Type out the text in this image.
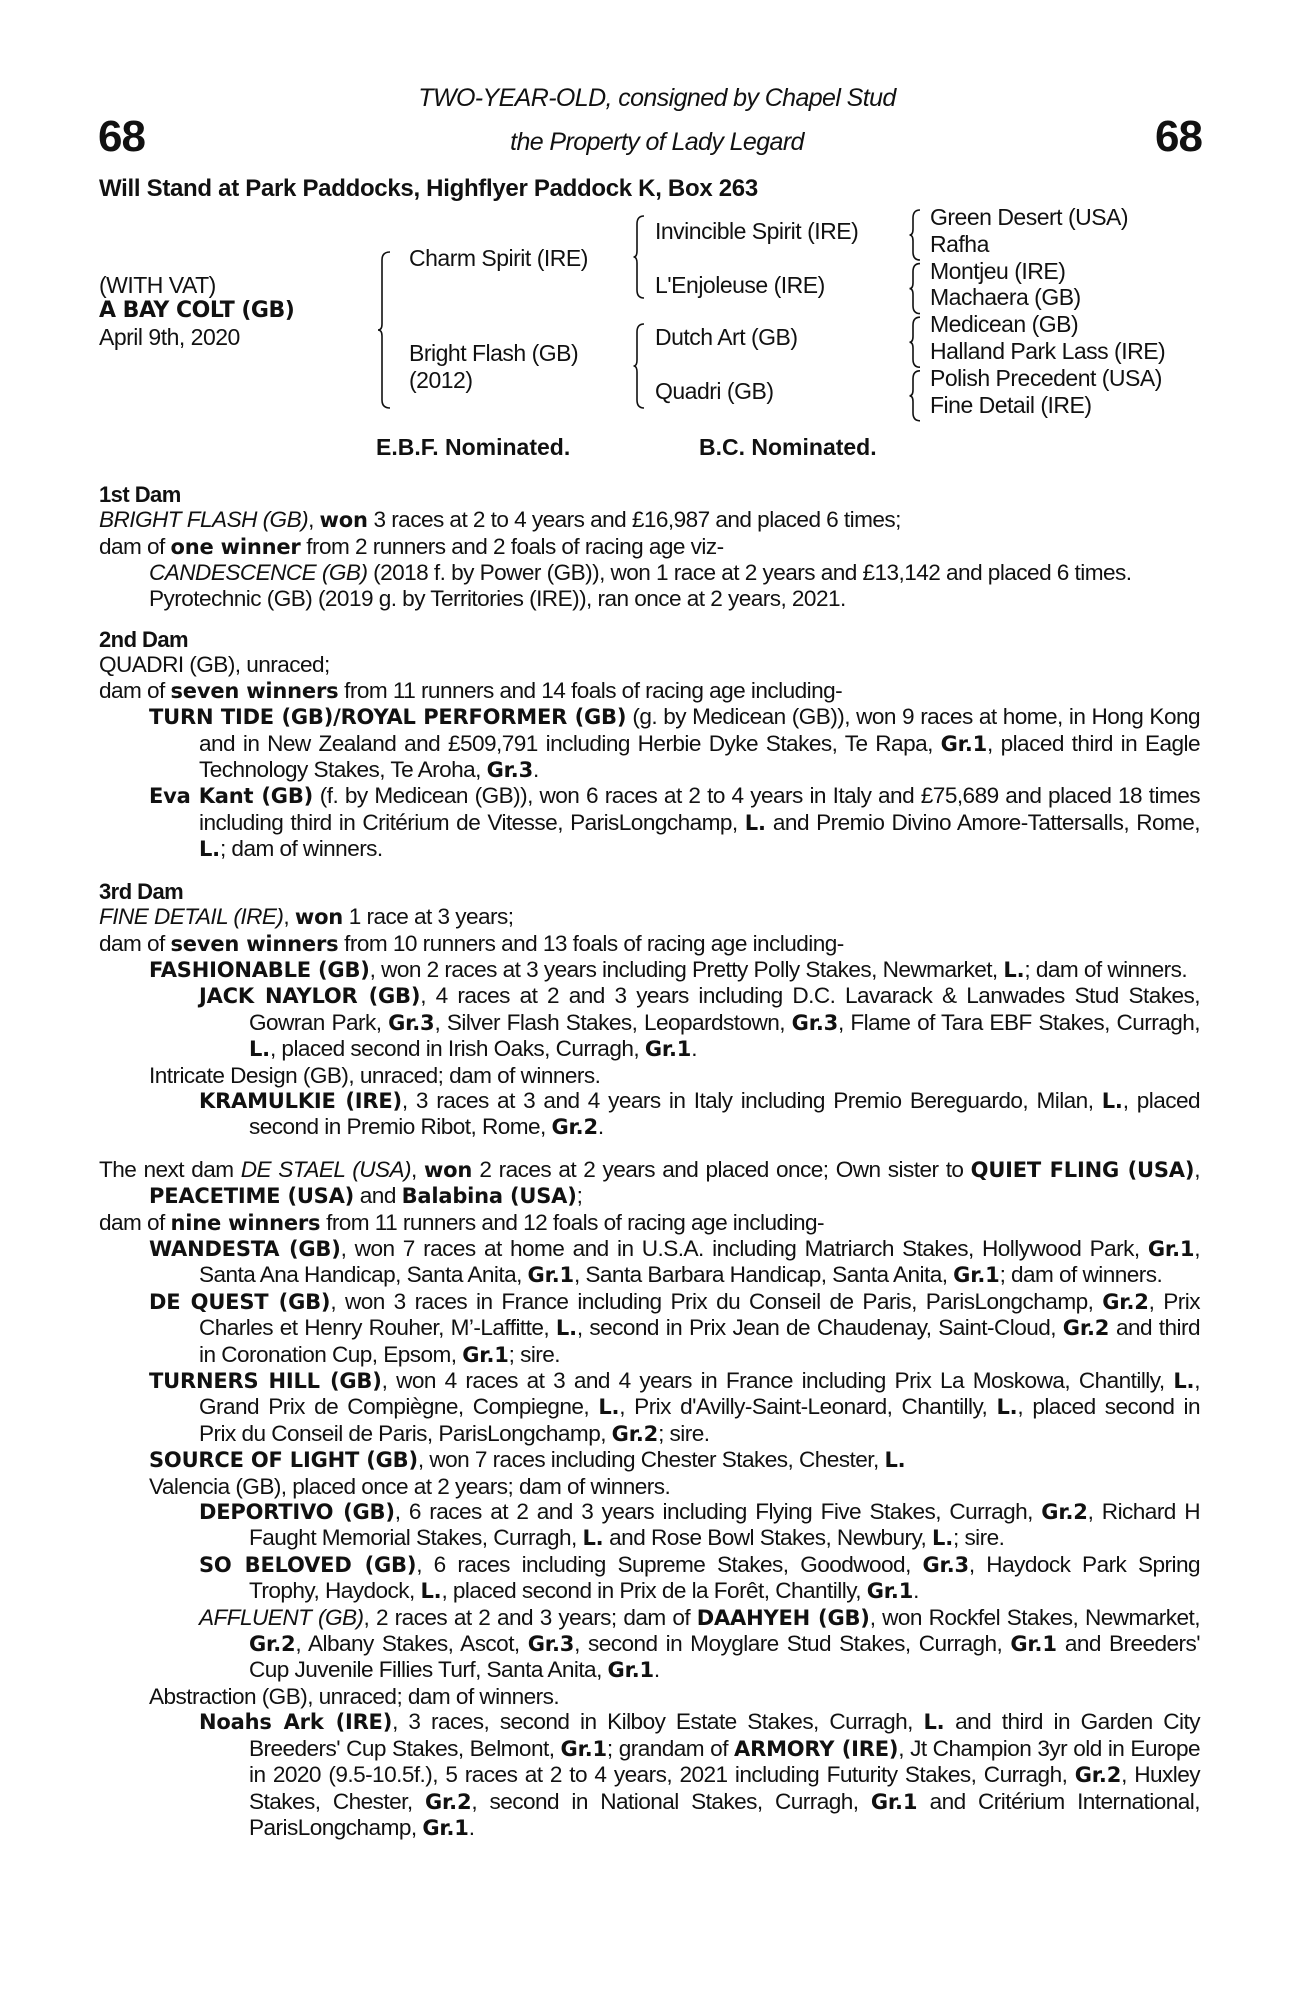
TWO-YEAR-OLD, consigned by Chapel Stud
the Property of Lady Legard
68	68
Will Stand at Park Paddocks, Highflyer Paddock K, Box 263
(WITH VAT)
A BAY COLT (GB)
April 9th, 2020
Charm Spirit (IRE)
Bright Flash (GB)
(2012)
Invincible Spirit (IRE)
L'Enjoleuse (IRE)
Dutch Art (GB)
Quadri (GB)
Green Desert (USA)
Rafha
Montjeu (IRE)
Machaera (GB)
Medicean (GB)
Halland Park Lass (IRE)
Polish Precedent (USA)
Fine Detail (IRE)
E.B.F. Nominated.	B.C. Nominated.
1st Dam
BRIGHT FLASH (GB), won 3 races at 2 to 4 years and £16,987 and placed 6 times;
dam of one winner from 2 runners and 2 foals of racing age viz-
CANDESCENCE (GB) (2018 f. by Power (GB)), won 1 race at 2 years and £13,142 and placed 6 times.
Pyrotechnic (GB) (2019 g. by Territories (IRE)), ran once at 2 years, 2021.
2nd Dam
QUADRI (GB), unraced;
dam of seven winners from 11 runners and 14 foals of racing age including-
TURN TIDE (GB)/ROYAL PERFORMER (GB) (g. by Medicean (GB)), won 9 races at home, in Hong Kong and in New Zealand and £509,791 including Herbie Dyke Stakes, Te Rapa, Gr.1, placed third in Eagle Technology Stakes, Te Aroha, Gr.3.
Eva Kant (GB) (f. by Medicean (GB)), won 6 races at 2 to 4 years in Italy and £75,689 and placed 18 times including third in Critérium de Vitesse, ParisLongchamp, L. and Premio Divino Amore-Tattersalls, Rome, L.; dam of winners.
3rd Dam
FINE DETAIL (IRE), won 1 race at 3 years;
dam of seven winners from 10 runners and 13 foals of racing age including-
FASHIONABLE (GB), won 2 races at 3 years including Pretty Polly Stakes, Newmarket, L.; dam of winners.
JACK NAYLOR (GB), 4 races at 2 and 3 years including D.C. Lavarack & Lanwades Stud Stakes, Gowran Park, Gr.3, Silver Flash Stakes, Leopardstown, Gr.3, Flame of Tara EBF Stakes, Curragh, L., placed second in Irish Oaks, Curragh, Gr.1.
Intricate Design (GB), unraced; dam of winners.
KRAMULKIE (IRE), 3 races at 3 and 4 years in Italy including Premio Bereguardo, Milan, L., placed second in Premio Ribot, Rome, Gr.2.
The next dam DE STAEL (USA), won 2 races at 2 years and placed once; Own sister to QUIET FLING (USA), PEACETIME (USA) and Balabina (USA);
dam of nine winners from 11 runners and 12 foals of racing age including-
WANDESTA (GB), won 7 races at home and in U.S.A. including Matriarch Stakes, Hollywood Park, Gr.1, Santa Ana Handicap, Santa Anita, Gr.1, Santa Barbara Handicap, Santa Anita, Gr.1; dam of winners.
DE QUEST (GB), won 3 races in France including Prix du Conseil de Paris, ParisLongchamp, Gr.2, Prix Charles et Henry Rouher, M’-Laffitte, L., second in Prix Jean de Chaudenay, Saint-Cloud, Gr.2 and third in Coronation Cup, Epsom, Gr.1; sire.
TURNERS HILL (GB), won 4 races at 3 and 4 years in France including Prix La Moskowa, Chantilly, L., Grand Prix de Compiègne, Compiegne, L., Prix d'Avilly-Saint-Leonard, Chantilly, L., placed second in Prix du Conseil de Paris, ParisLongchamp, Gr.2; sire.
SOURCE OF LIGHT (GB), won 7 races including Chester Stakes, Chester, L.
Valencia (GB), placed once at 2 years; dam of winners.
DEPORTIVO (GB), 6 races at 2 and 3 years including Flying Five Stakes, Curragh, Gr.2, Richard H Faught Memorial Stakes, Curragh, L. and Rose Bowl Stakes, Newbury, L.; sire.
SO BELOVED (GB), 6 races including Supreme Stakes, Goodwood, Gr.3, Haydock Park Spring Trophy, Haydock, L., placed second in Prix de la Forêt, Chantilly, Gr.1.
AFFLUENT (GB), 2 races at 2 and 3 years; dam of DAAHYEH (GB), won Rockfel Stakes, Newmarket, Gr.2, Albany Stakes, Ascot, Gr.3, second in Moyglare Stud Stakes, Curragh, Gr.1 and Breeders' Cup Juvenile Fillies Turf, Santa Anita, Gr.1.
Abstraction (GB), unraced; dam of winners.
Noahs Ark (IRE), 3 races, second in Kilboy Estate Stakes, Curragh, L. and third in Garden City Breeders' Cup Stakes, Belmont, Gr.1; grandam of ARMORY (IRE), Jt Champion 3yr old in Europe in 2020 (9.5-10.5f.), 5 races at 2 to 4 years, 2021 including Futurity Stakes, Curragh, Gr.2, Huxley Stakes, Chester, Gr.2, second in National Stakes, Curragh, Gr.1 and Critérium International, ParisLongchamp, Gr.1.
